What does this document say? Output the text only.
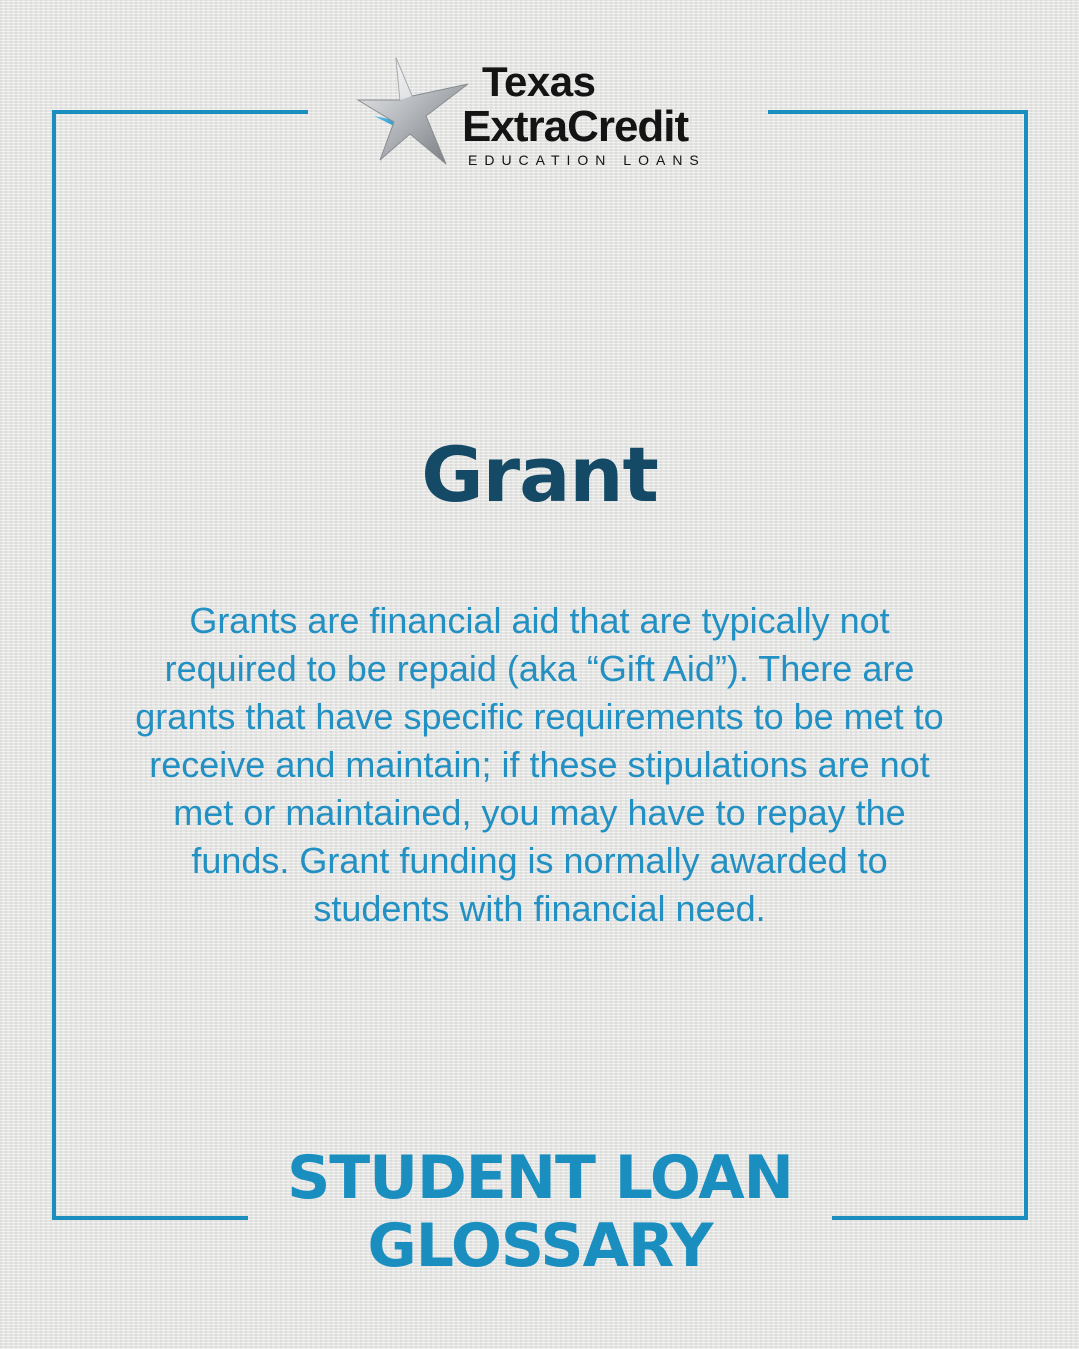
Texas
ExtraCredit
EDUCATION LOANS
Grant
Grants are financial aid that are typically not required to be repaid (aka “Gift Aid”). There are grants that have specific requirements to be met to receive and maintain; if these stipulations are not met or maintained, you may have to repay the funds. Grant funding is normally awarded to students with financial need.
STUDENT LOAN
GLOSSARY
